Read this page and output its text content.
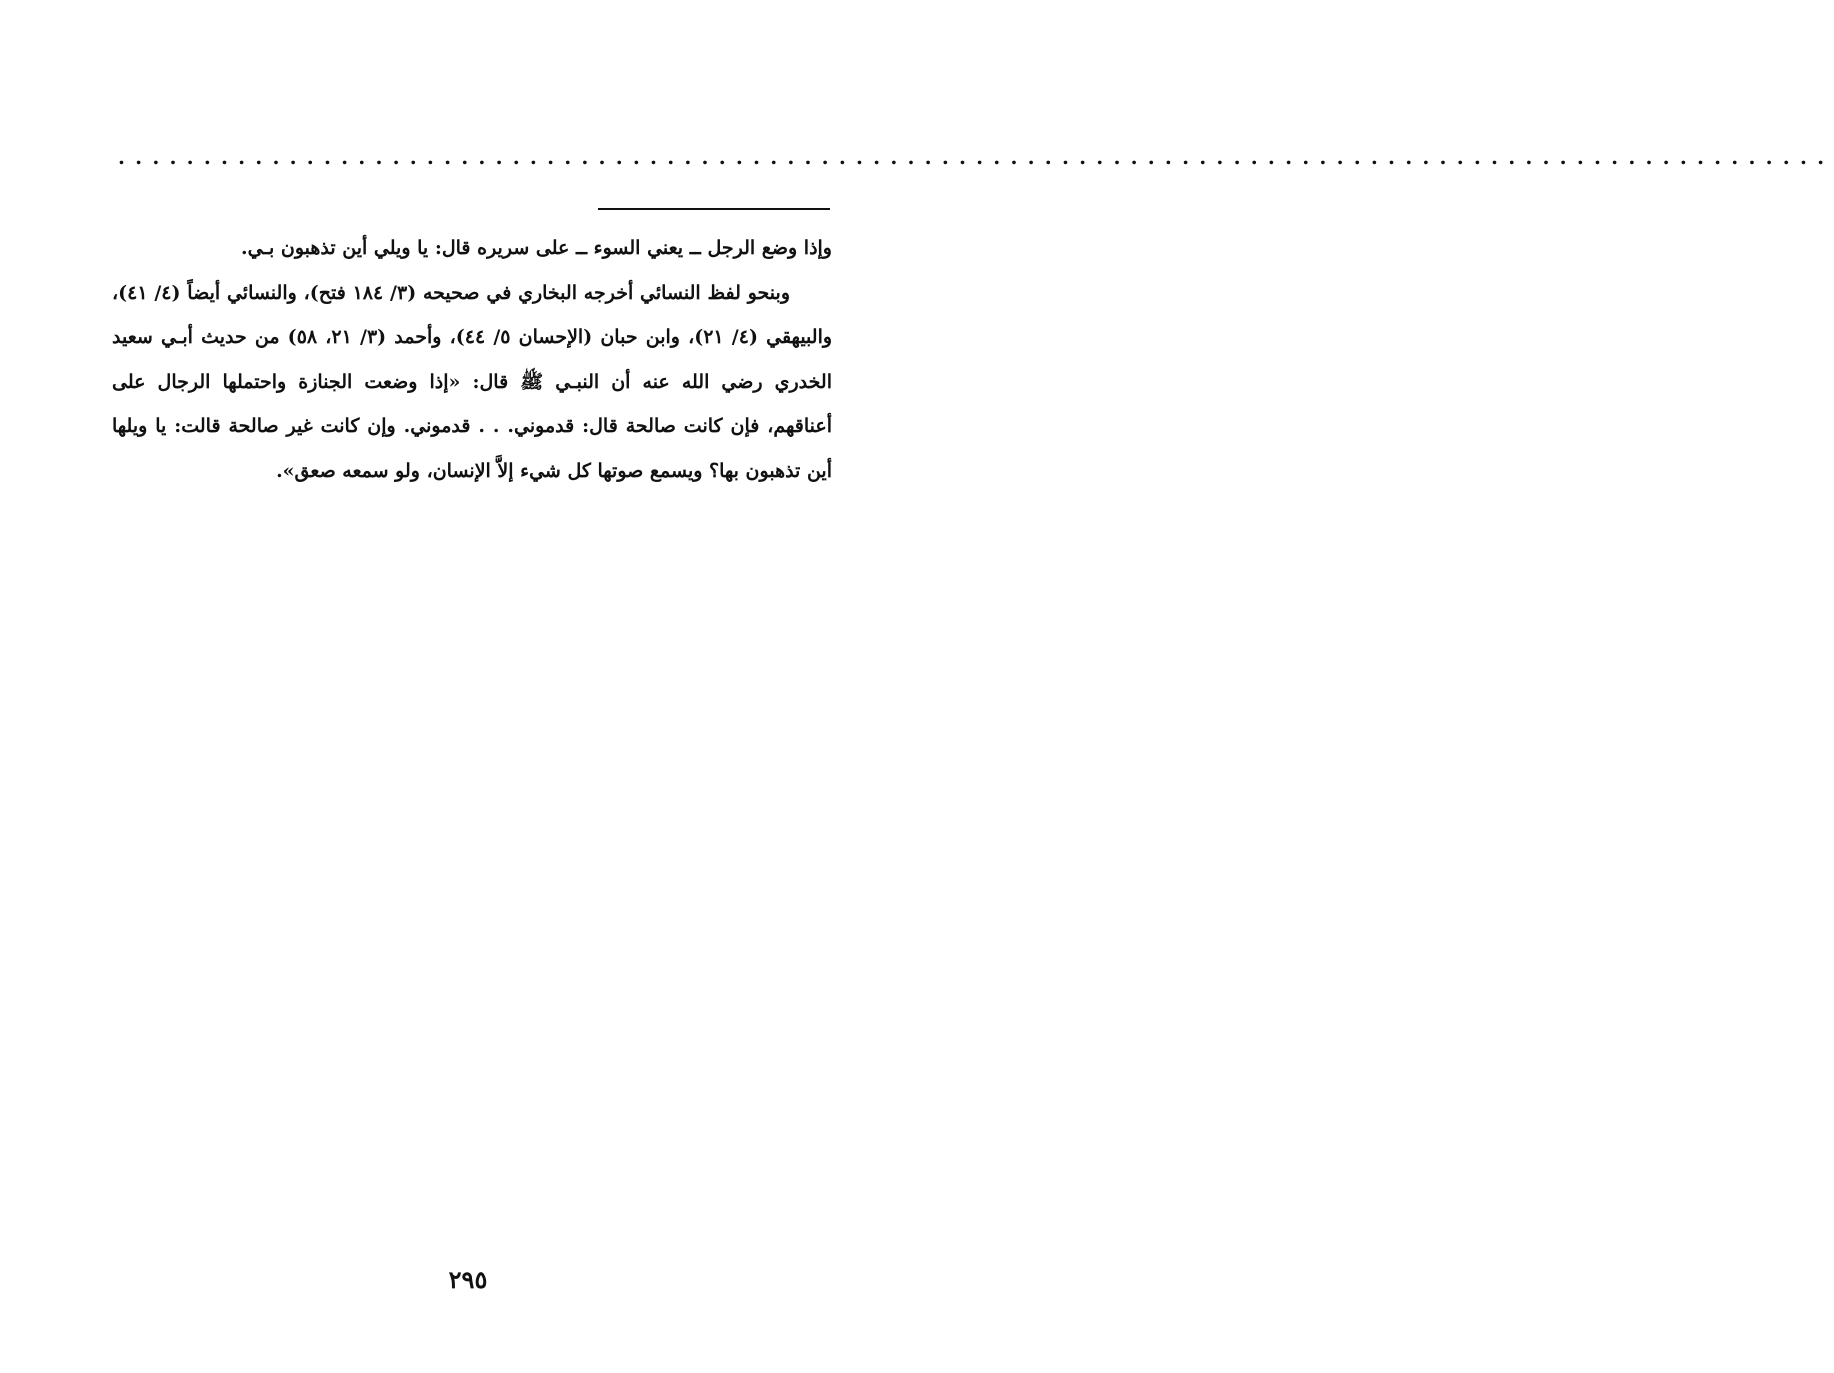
....................................................................................................

وإذا وضع الرجل ــ يعني السوء ــ على سريره قال: يا ويلي أين تذهبون بـي.

وبنحو لفظ النسائي أخرجه البخاري في صحيحه (٣/ ١٨٤ فتح)، والنسائي أيضاً (٤/ ٤١)، والبيهقي (٤/ ٢١)، وابن حبان (الإحسان ٥/ ٤٤)، وأحمد (٣/ ٢١، ٥٨) من حديث أبـي سعيد الخدري رضي الله عنه أن النبـي ﷺ قال: «إذا وضعت الجنازة واحتملها الرجال على أعناقهم، فإن كانت صالحة قال: قدموني. . . قدموني. وإن كانت غير صالحة قالت: يا ويلها أين تذهبون بها؟ ويسمع صوتها كل شيء إلاَّ الإنسان، ولو سمعه صعق».

٢٩٥
